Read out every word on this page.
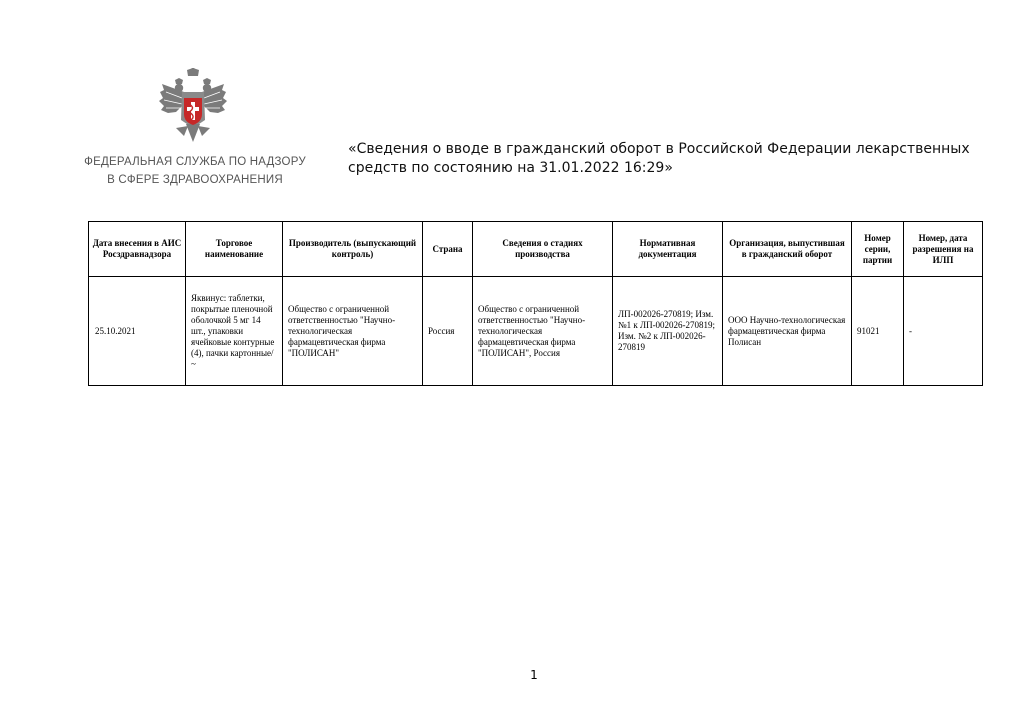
ФЕДЕРАЛЬНАЯ СЛУЖБА ПО НАДЗОРУ
В СФЕРЕ ЗДРАВООХРАНЕНИЯ
«Сведения о вводе в гражданский оборот в Российской Федерации лекарственных
средств по состоянию на 31.01.2022 16:29»
Дата внесения в АИС Росздравнадзора	Торговое наименование	Производитель (выпускающий контроль)	Страна	Сведения о стадиях производства	Нормативная документация	Организация, выпустившая в гражданский оборот	Номер серии, партии	Номер, дата разрешения на ИЛП
25.10.2021	Яквинус: таблетки, покрытые пленочной оболочкой 5 мг 14 шт., упаковки ячейковые контурные (4), пачки картонные/ ~	Общество с ограниченной ответственностью "Научно-технологическая фармацевтическая фирма "ПОЛИСАН"	Россия	Общество с ограниченной ответственностью "Научно-технологическая фармацевтическая фирма "ПОЛИСАН", Россия	ЛП-002026-270819; Изм. №1 к ЛП-002026-270819; Изм. №2 к ЛП-002026-270819	ООО Научно-технологическая фармацевтическая фирма Полисан	91021	-
1
